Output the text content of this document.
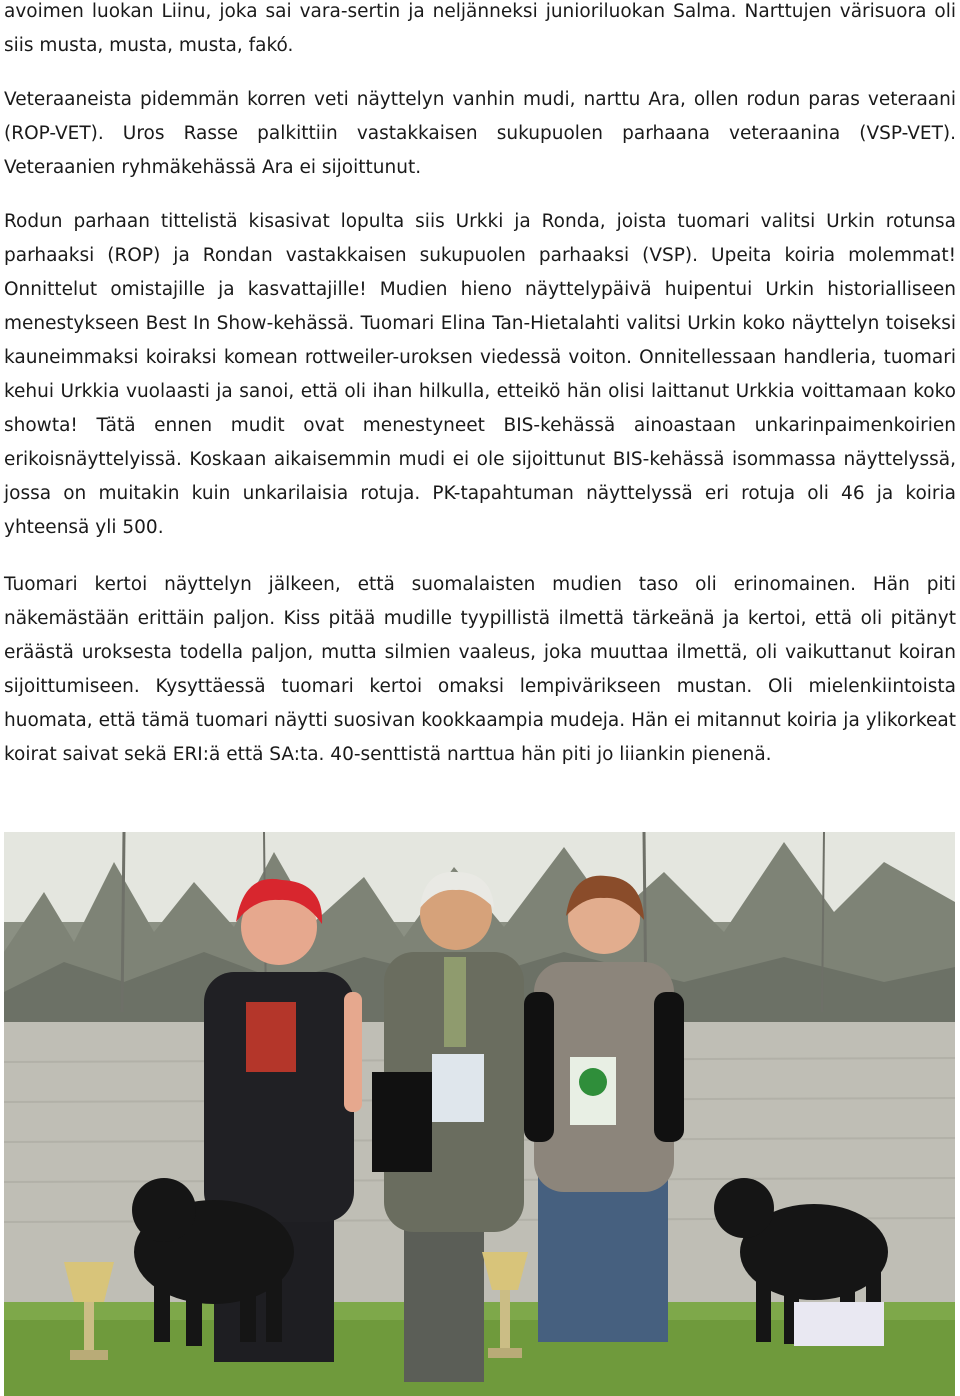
avoimen luokan Liinu, joka sai vara-sertin ja neljänneksi junioriluokan Salma. Narttujen värisuora oli siis musta, musta, musta, fakó.

Veteraaneista pidemmän korren veti näyttelyn vanhin mudi, narttu Ara, ollen rodun paras veteraani (ROP-VET). Uros Rasse palkittiin vastakkaisen sukupuolen parhaana veteraanina (VSP-VET). Veteraanien ryhmäkehässä Ara ei sijoittunut.

Rodun parhaan tittelistä kisasivat lopulta siis Urkki ja Ronda, joista tuomari valitsi Urkin rotunsa parhaaksi (ROP) ja Rondan vastakkaisen sukupuolen parhaaksi (VSP). Upeita koiria molemmat! Onnittelut omistajille ja kasvattajille! Mudien hieno näyttelypäivä huipentui Urkin historialliseen menestykseen Best In Show-kehässä. Tuomari Elina Tan-Hietalahti valitsi Urkin koko näyttelyn toiseksi kauneimmaksi koiraksi komean rottweiler-uroksen viedessä voiton. Onnitellessaan handleria, tuomari kehui Urkkia vuolaasti ja sanoi, että oli ihan hilkulla, etteikö hän olisi laittanut Urkkia voittamaan koko showta! Tätä ennen mudit ovat menestyneet BIS-kehässä ainoastaan unkarinpaimenkoirien erikoisnäyttelyissä. Koskaan aikaisemmin mudi ei ole sijoittunut BIS-kehässä isommassa näyttelyssä, jossa on muitakin kuin unkarilaisia rotuja. PK-tapahtuman näyttelyssä eri rotuja oli 46 ja koiria yhteensä yli 500.

Tuomari kertoi näyttelyn jälkeen, että suomalaisten mudien taso oli erinomainen. Hän piti näkemästään erittäin paljon. Kiss pitää mudille tyypillistä ilmettä tärkeänä ja kertoi, että oli pitänyt eräästä uroksesta todella paljon, mutta silmien vaaleus, joka muuttaa ilmettä, oli vaikuttanut koiran sijoittumiseen. Kysyttäessä tuomari kertoi omaksi lempivärikseen mustan. Oli mielenkiintoista huomata, että tämä tuomari näytti suosivan kookkaampia mudeja. Hän ei mitannut koiria ja ylikorkeat koirat saivat sekä ERI:ä että SA:ta. 40-senttistä narttua hän piti jo liiankin pienenä.
